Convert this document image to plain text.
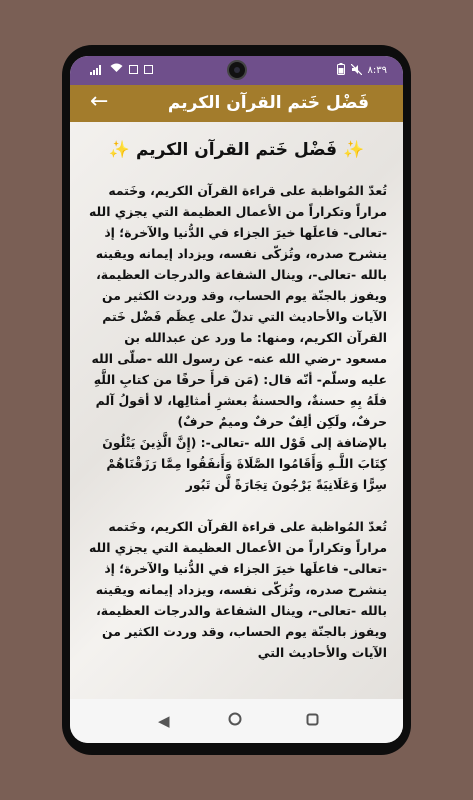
٨:٣٩
←	فَضْل خَتم القرآن الكريم
✨ فَضْل خَتم القرآن الكريم ✨

تُعدّ المُواظبة على قراءة القرآن الكريم، وخَتمه مراراً وتكراراً من الأعمال العظيمة التي يجزي الله -تعالى- فاعلَها خيرَ الجزاء في الدُّنيا والآخرة؛ إذ ينشرح صدره، وتُزكّى نفسه، ويزداد إيمانه ويقينه بالله -تعالى-، وينال الشفاعة والدرجات العظيمة، ويفوز بالجنّة يوم الحساب، وقد وردت الكثير من الآيات والأحاديث التي تدلّ على عِظَم فَضْل خَتم القرآن الكريم، ومنها: ما ورد عن عبدالله بن مسعود -رضي الله عنه- عن رسول الله -صلّى الله عليه وسلّم- أنّه قال: (مَن قرأَ حرفًا من كتابِ اللَّهِ فلَهُ بِهِ حسنةٌ، والحسنةُ بعشرِ أمثالِها، لا أقولُ آلم حرفٌ، ولَكِن ألِفٌ حرفٌ وميمٌ حرفٌ)

بالإضافة إلى قَوْل الله -تعالى-: (إِنَّ الَّذِينَ يَتْلُونَ كِتَابَ اللَّـهِ وَأَقَامُوا الصَّلَاةَ وَأَنفَقُوا مِمَّا رَزَقْنَاهُمْ سِرًّا وَعَلَانِيَةً يَرْجُونَ تِجَارَةً لَّن تَبُور

تُعدّ المُواظبة على قراءة القرآن الكريم، وخَتمه مراراً وتكراراً من الأعمال العظيمة التي يجزي الله -تعالى- فاعلَها خيرَ الجزاء في الدُّنيا والآخرة؛ إذ ينشرح صدره، وتُزكّى نفسه، ويزداد إيمانه ويقينه بالله -تعالى-، وينال الشفاعة والدرجات العظيمة، ويفوز بالجنّة يوم الحساب، وقد وردت الكثير من الآيات والأحاديث التي

◀
